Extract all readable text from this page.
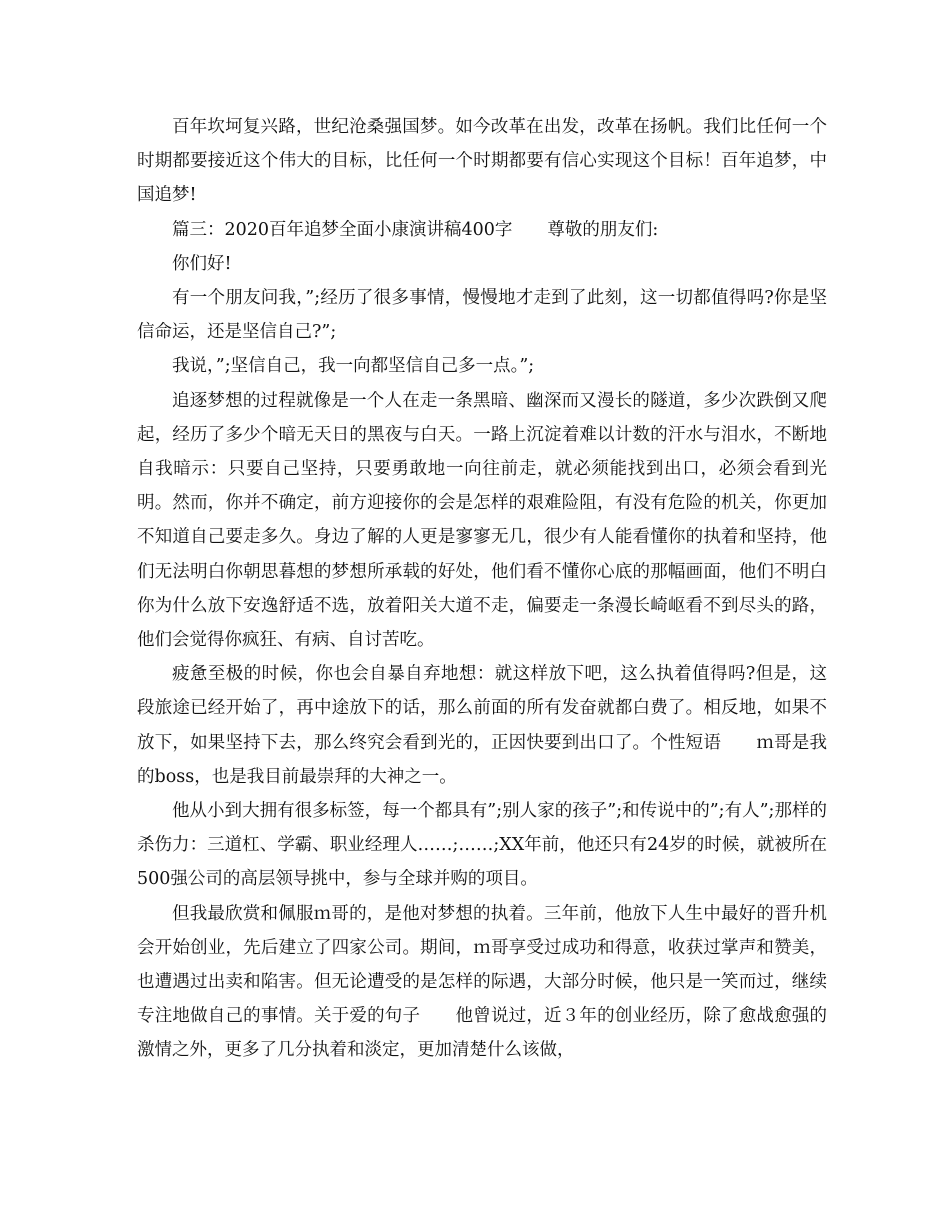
百年坎坷复兴路，世纪沧桑强国梦。如今改革在出发，改革在扬帆。我们比任何一个时期都要接近这个伟大的目标，比任何一个时期都要有信心实现这个目标！百年追梦，中国追梦!

篇三：2020百年追梦全面小康演讲稿400字　　尊敬的朋友们:

你们好!

有一个朋友问我，”;经历了很多事情，慢慢地才走到了此刻，这一切都值得吗?你是坚信命运，还是坚信自己?”;

我说，”;坚信自己，我一向都坚信自己多一点。”;

追逐梦想的过程就像是一个人在走一条黑暗、幽深而又漫长的隧道，多少次跌倒又爬起，经历了多少个暗无天日的黑夜与白天。一路上沉淀着难以计数的汗水与泪水，不断地自我暗示：只要自己坚持，只要勇敢地一向往前走，就必须能找到出口，必须会看到光明。然而，你并不确定，前方迎接你的会是怎样的艰难险阻，有没有危险的机关，你更加不知道自己要走多久。身边了解的人更是寥寥无几，很少有人能看懂你的执着和坚持，他们无法明白你朝思暮想的梦想所承载的好处，他们看不懂你心底的那幅画面，他们不明白你为什么放下安逸舒适不选，放着阳关大道不走，偏要走一条漫长崎岖看不到尽头的路，他们会觉得你疯狂、有病、自讨苦吃。

疲惫至极的时候，你也会自暴自弃地想：就这样放下吧，这么执着值得吗?但是，这段旅途已经开始了，再中途放下的话，那么前面的所有发奋就都白费了。相反地，如果不放下，如果坚持下去，那么终究会看到光的，正因快要到出口了。个性短语　　ｍ哥是我的boss，也是我目前最崇拜的大神之一。

他从小到大拥有很多标签，每一个都具有”;别人家的孩子”;和传说中的”;有人”;那样的杀伤力：三道杠、学霸、职业经理人……;……;XX年前，他还只有24岁的时候，就被所在500强公司的高层领导挑中，参与全球并购的项目。

但我最欣赏和佩服ｍ哥的，是他对梦想的执着。三年前，他放下人生中最好的晋升机会开始创业，先后建立了四家公司。期间，ｍ哥享受过成功和得意，收获过掌声和赞美，也遭遇过出卖和陷害。但无论遭受的是怎样的际遇，大部分时候，他只是一笑而过，继续专注地做自己的事情。关于爱的句子　　他曾说过，近３年的创业经历，除了愈战愈强的激情之外，更多了几分执着和淡定，更加清楚什么该做，
